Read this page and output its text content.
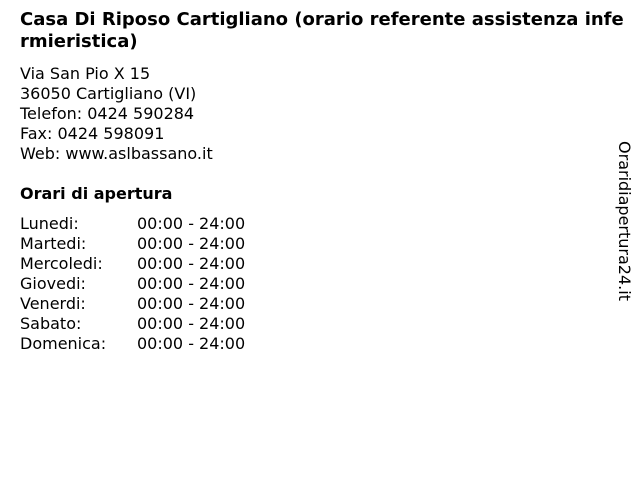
Casa Di Riposo Cartigliano (orario referente assistenza infermieristica)
Via San Pio X 15
36050 Cartigliano (VI)
Telefon: 0424 590284
Fax: 0424 598091
Web: www.aslbassano.it
Orari di apertura
Lunedi:	00:00 - 24:00
Martedi:	00:00 - 24:00
Mercoledi:	00:00 - 24:00
Giovedi:	00:00 - 24:00
Venerdi:	00:00 - 24:00
Sabato:	00:00 - 24:00
Domenica:	00:00 - 24:00
Oraridiapertura24.it
